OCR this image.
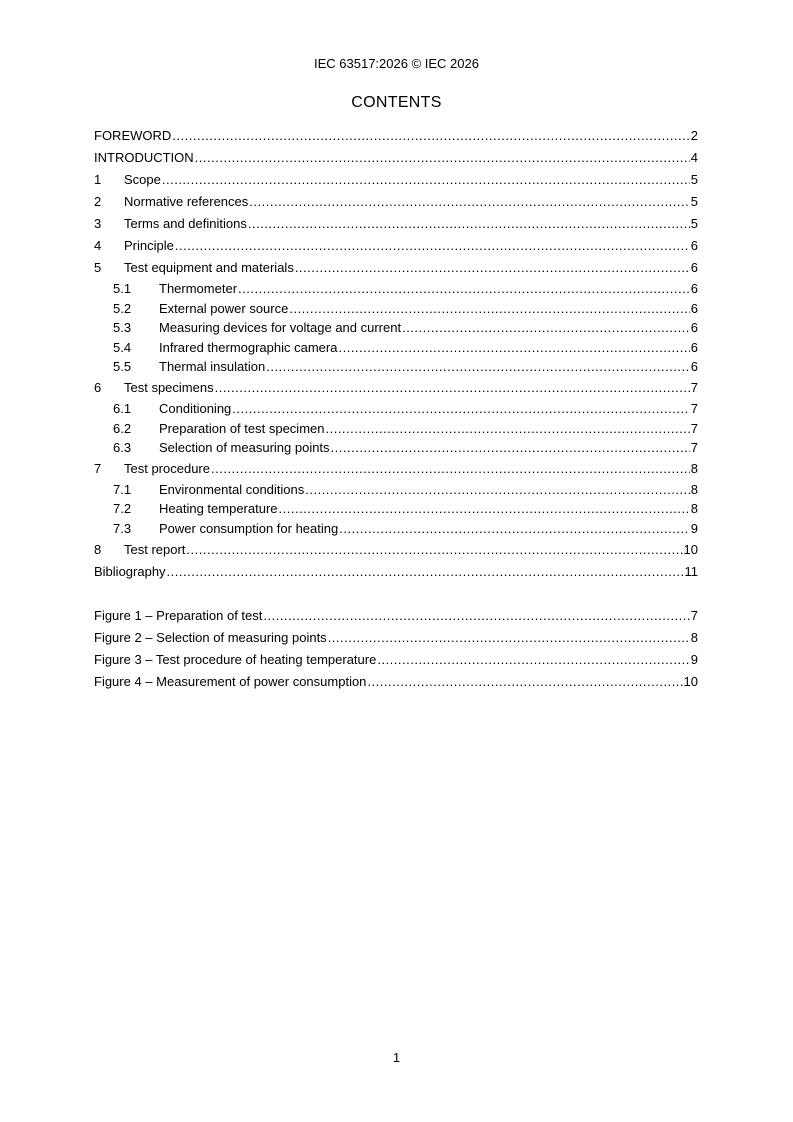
IEC 63517:2026 © IEC 2026
CONTENTS
FOREWORD .....	2
INTRODUCTION .....	4
1	Scope .....	5
2	Normative references .....	5
3	Terms and definitions .....	5
4	Principle .....	6
5	Test equipment and materials .....	6
5.1	Thermometer .....	6
5.2	External power source .....	6
5.3	Measuring devices for voltage and current .....	6
5.4	Infrared thermographic camera .....	6
5.5	Thermal insulation .....	6
6	Test specimens .....	7
6.1	Conditioning .....	7
6.2	Preparation of test specimen .....	7
6.3	Selection of measuring points .....	7
7	Test procedure .....	8
7.1	Environmental conditions .....	8
7.2	Heating temperature .....	8
7.3	Power consumption for heating .....	9
8	Test report .....	10
Bibliography .....	11
Figure 1 – Preparation of test .....	7
Figure 2 – Selection of measuring points .....	8
Figure 3 – Test procedure of heating temperature .....	9
Figure 4 – Measurement of power consumption .....	10
1
